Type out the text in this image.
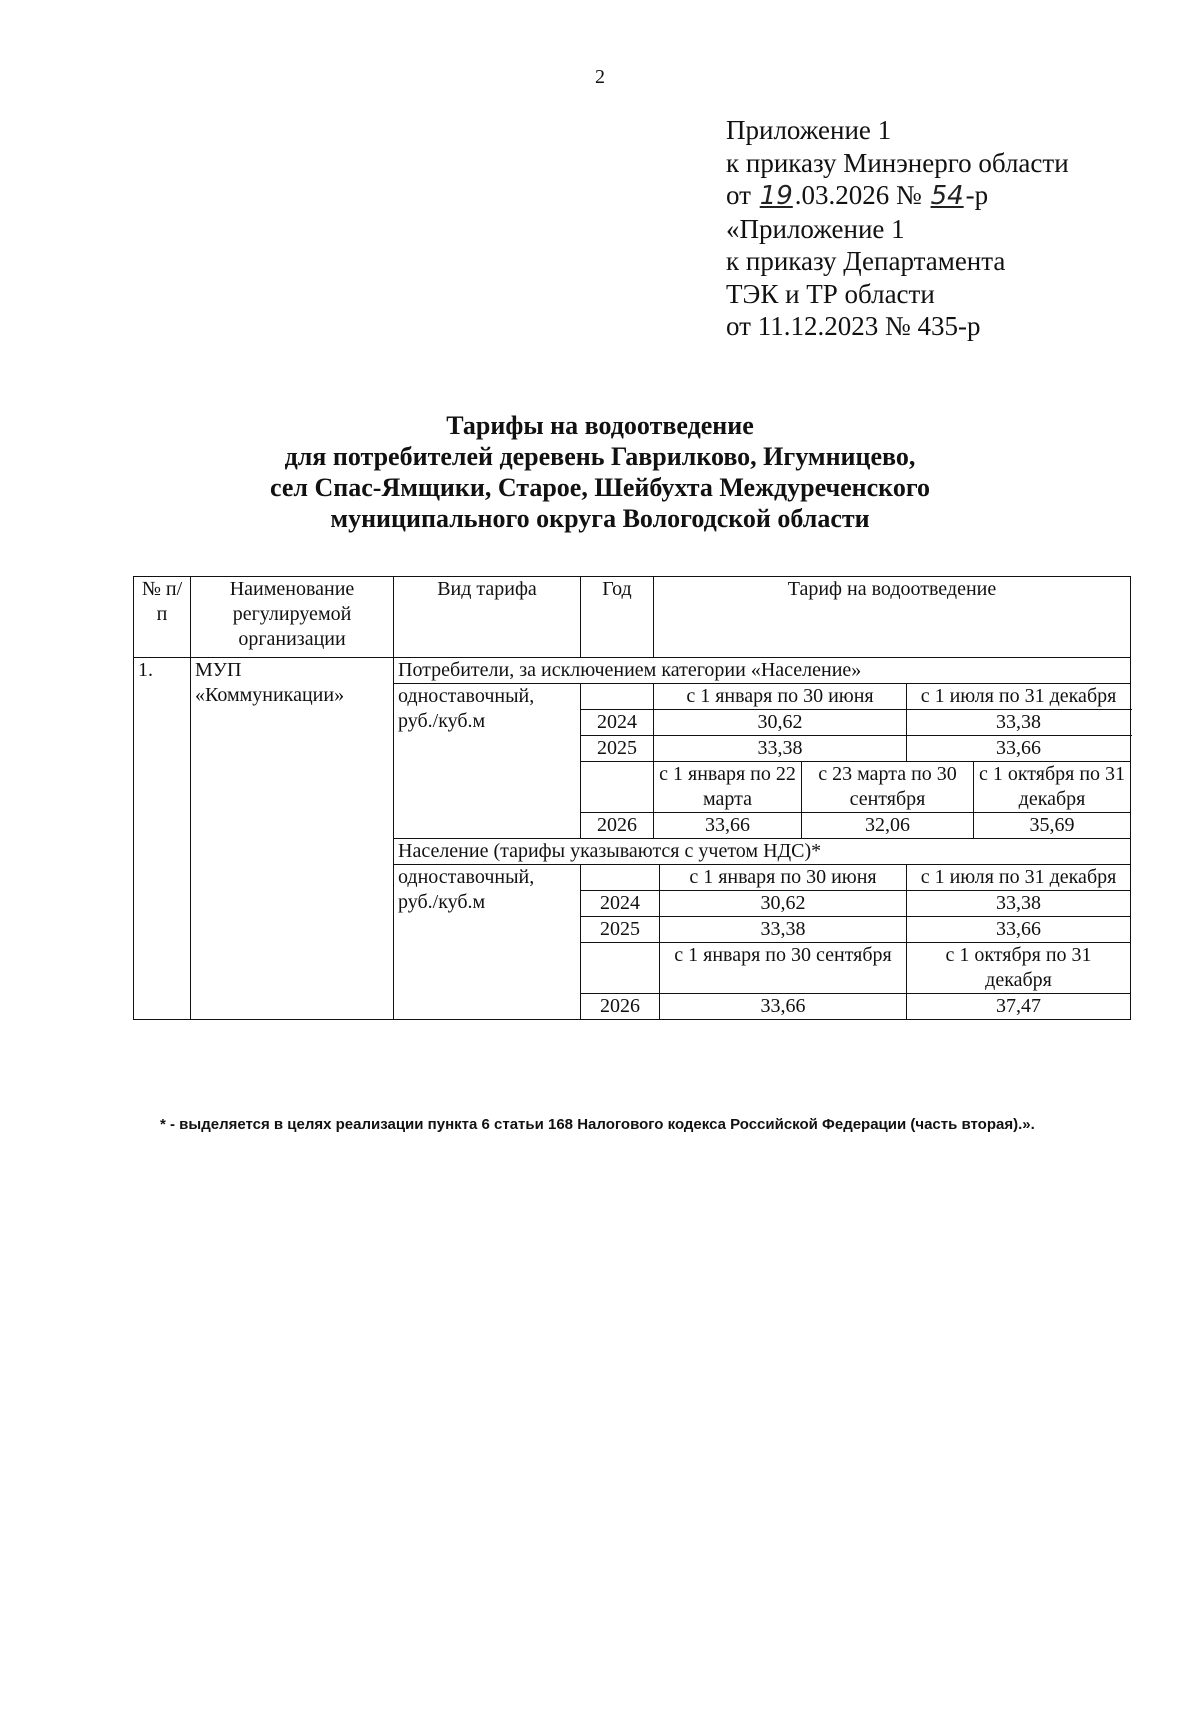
2
Приложение 1
к приказу Минэнерго области
от 19.03.2026 № 54-р
«Приложение 1
к приказу Департамента
ТЭК и ТР области
от 11.12.2023 № 435-р
Тарифы на водоотведение
для потребителей деревень Гаврилково, Игумницево,
сел Спас-Ямщики, Старое, Шейбухта Междуреченского
муниципального округа Вологодской области
№ п/п	Наименование регулируемой организации	Вид тарифа	Год	Тариф на водоотведение				
1.	МУП «Коммуникации»	Потребители, за исключением категории «Население»						
		одноставочный, руб./куб.м		с 1 января по 30 июня			с 1 июля по 31 декабря	
			2024	30,62			33,38	
			2025	33,38			33,66	
				с 1 января по 22 марта		с 23 марта по 30 сентября		с 1 октября по 31 декабря
			2026	33,66		32,06		35,69
		Население (тарифы указываются с учетом НДС)*						
		одноставочный, руб./куб.м			с 1 января по 30 июня		с 1 июля по 31 декабря	
			2024		30,62		33,38	
			2025		33,38		33,66	
					с 1 января по 30 сентября		с 1 октября по 31 декабря	
			2026		33,66		37,47	
* - выделяется в целях реализации пункта 6 статьи 168 Налогового кодекса Российской Федерации (часть вторая).».
